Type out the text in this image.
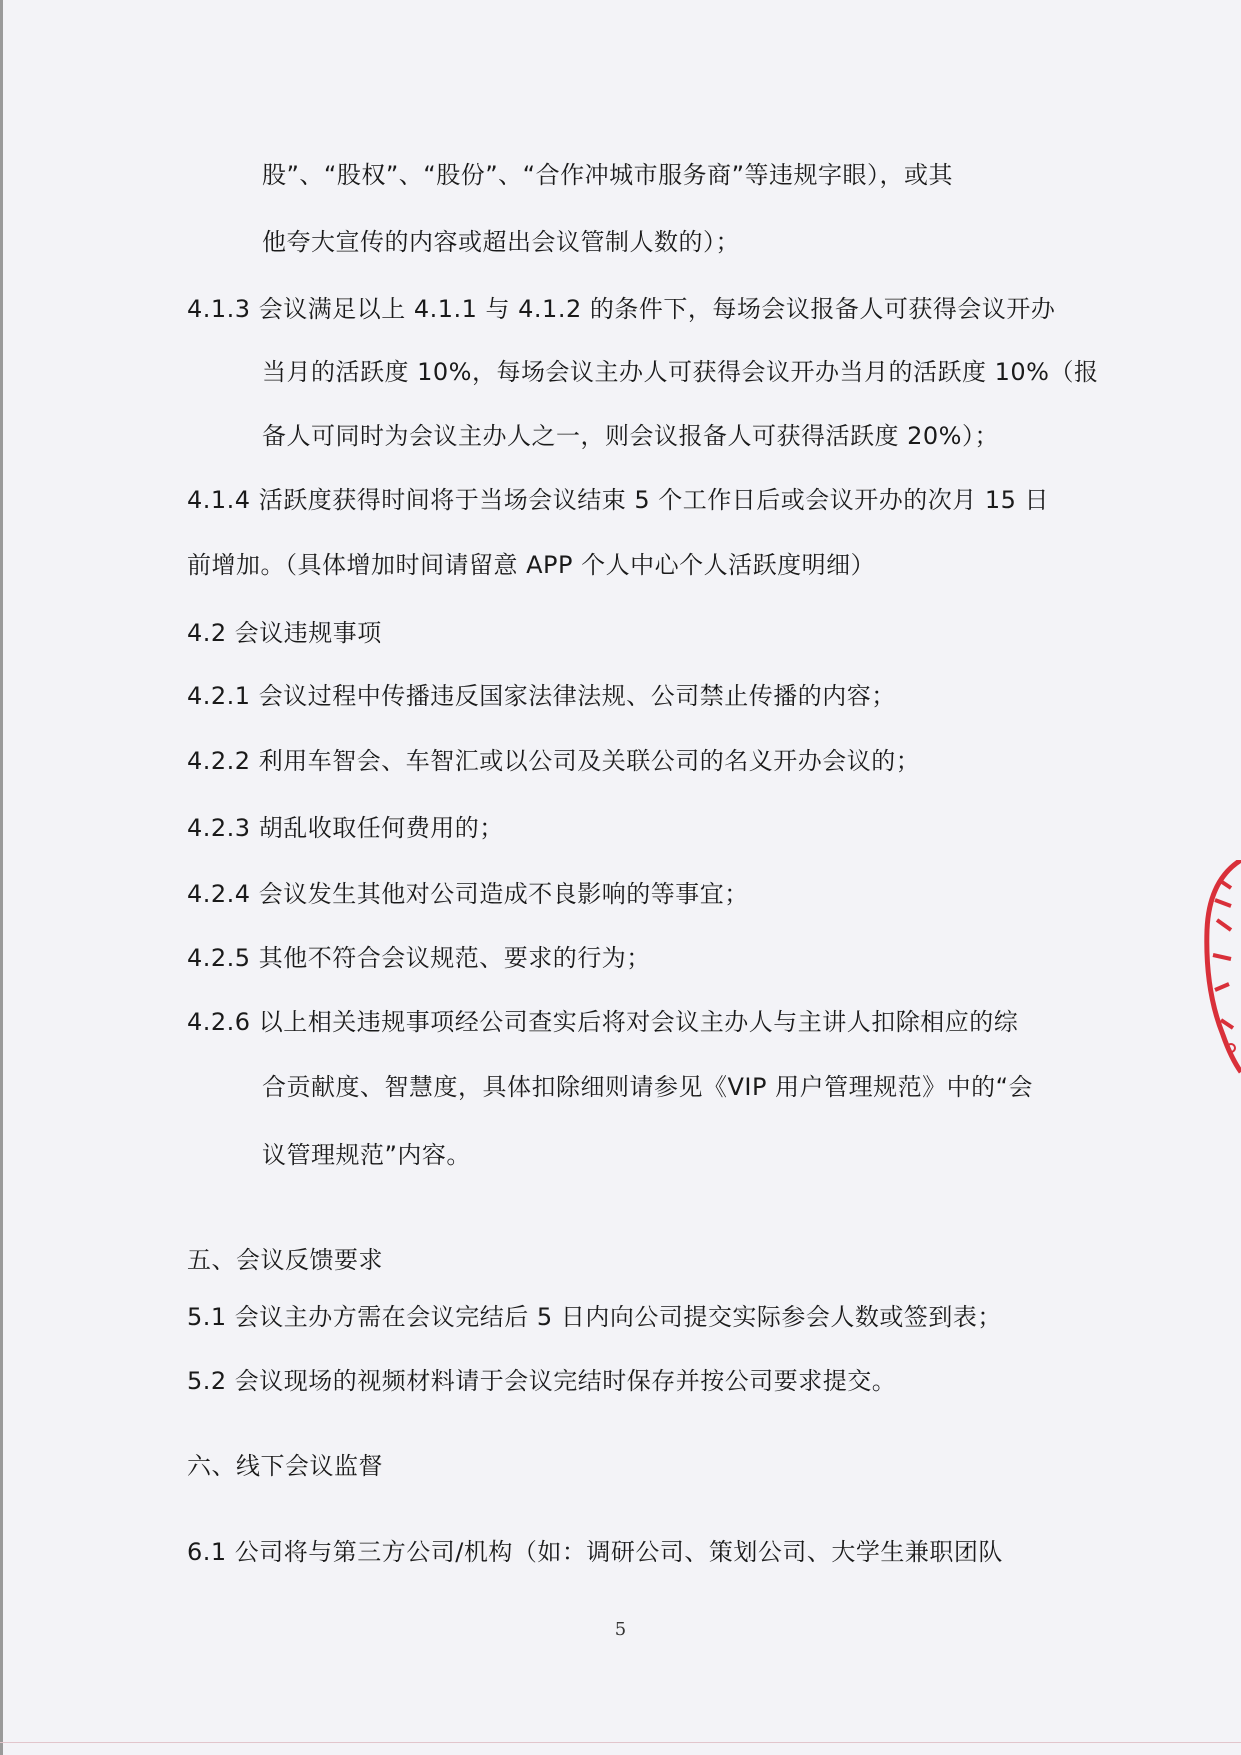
股”、“股权”、“股份”、“合作冲城市服务商”等违规字眼），或其
他夸大宣传的内容或超出会议管制人数的）；
4.1.3 会议满足以上 4.1.1 与 4.1.2 的条件下，每场会议报备人可获得会议开办
当月的活跃度 10%，每场会议主办人可获得会议开办当月的活跃度 10%（报
备人可同时为会议主办人之一，则会议报备人可获得活跃度 20%）；
4.1.4 活跃度获得时间将于当场会议结束 5 个工作日后或会议开办的次月 15 日
前增加。（具体增加时间请留意 APP 个人中心个人活跃度明细）
4.2 会议违规事项
4.2.1 会议过程中传播违反国家法律法规、公司禁止传播的内容；
4.2.2 利用车智会、车智汇或以公司及关联公司的名义开办会议的；
4.2.3 胡乱收取任何费用的；
4.2.4 会议发生其他对公司造成不良影响的等事宜；
4.2.5 其他不符合会议规范、要求的行为；
4.2.6 以上相关违规事项经公司查实后将对会议主办人与主讲人扣除相应的综
合贡献度、智慧度，具体扣除细则请参见《VIP 用户管理规范》中的“会
议管理规范”内容。
五、会议反馈要求
5.1 会议主办方需在会议完结后 5 日内向公司提交实际参会人数或签到表；
5.2 会议现场的视频材料请于会议完结时保存并按公司要求提交。
六、线下会议监督
6.1 公司将与第三方公司/机构（如：调研公司、策划公司、大学生兼职团队
5
